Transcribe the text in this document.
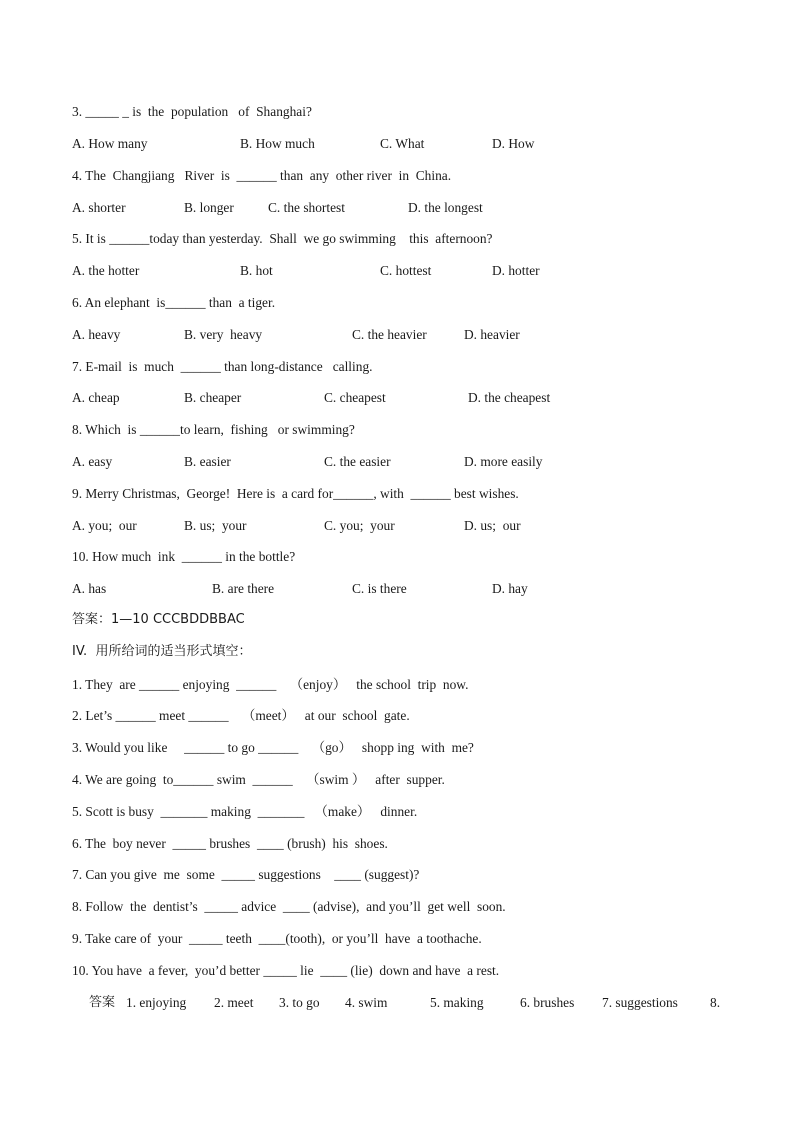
3. _____ _ is  the  population   of  Shanghai?
A. How many	B. How much	C. What	D. How
4. The  Changjiang   River  is  ______ than  any  other river  in  China.
A. shorter	B. longer	C. the shortest	D. the longest
5. It is ______today than yesterday.  Shall  we go swimming    this  afternoon?
A. the hotter	B. hot	C. hottest	D. hotter
6. An elephant  is______ than  a tiger.
A. heavy	B. very  heavy	C. the heavier	D. heavier
7. E-mail  is  much  ______ than long-distance   calling.
A. cheap	B. cheaper	C. cheapest	D. the cheapest
8. Which  is ______to learn,  fishing   or swimming?
A. easy	B. easier	C. the easier	D. more easily
9. Merry Christmas,  George!  Here is  a card for______, with  ______ best wishes.
A. you;  our	B. us;  your	C. you;  your	D. us;  our
10. How much  ink  ______ in the bottle?
A. has	B. are there	C. is there	D. hay
答案：1—10 CCCBDDBBAC
IV.  用所给词的适当形式填空：
1. They  are ______ enjoying  ______    （enjoy）   the school  trip  now.
2. Let’s ______ meet ______    （meet）   at our  school  gate.
3. Would you like     ______ to go ______    （go）   shopp ing  with  me?
4. We are going  to______ swim  ______    （swim ）   after  supper.
5. Scott is busy  _______ making  _______   （make）   dinner.
6. The  boy never  _____ brushes  ____ (brush)  his  shoes.
7. Can you give  me  some  _____ suggestions    ____ (suggest)?
8. Follow  the  dentist’s  _____ advice  ____ (advise),  and you’ll  get well  soon.
9. Take care of  your  _____ teeth  ____(tooth),  or you’ll  have  a toothache.
10. You have  a fever,  you’d better _____ lie  ____ (lie)  down and have  a rest.
答案 1. enjoying 2. meet 3. to go 4. swim	5. making	6. brushes 7. suggestions 8.
